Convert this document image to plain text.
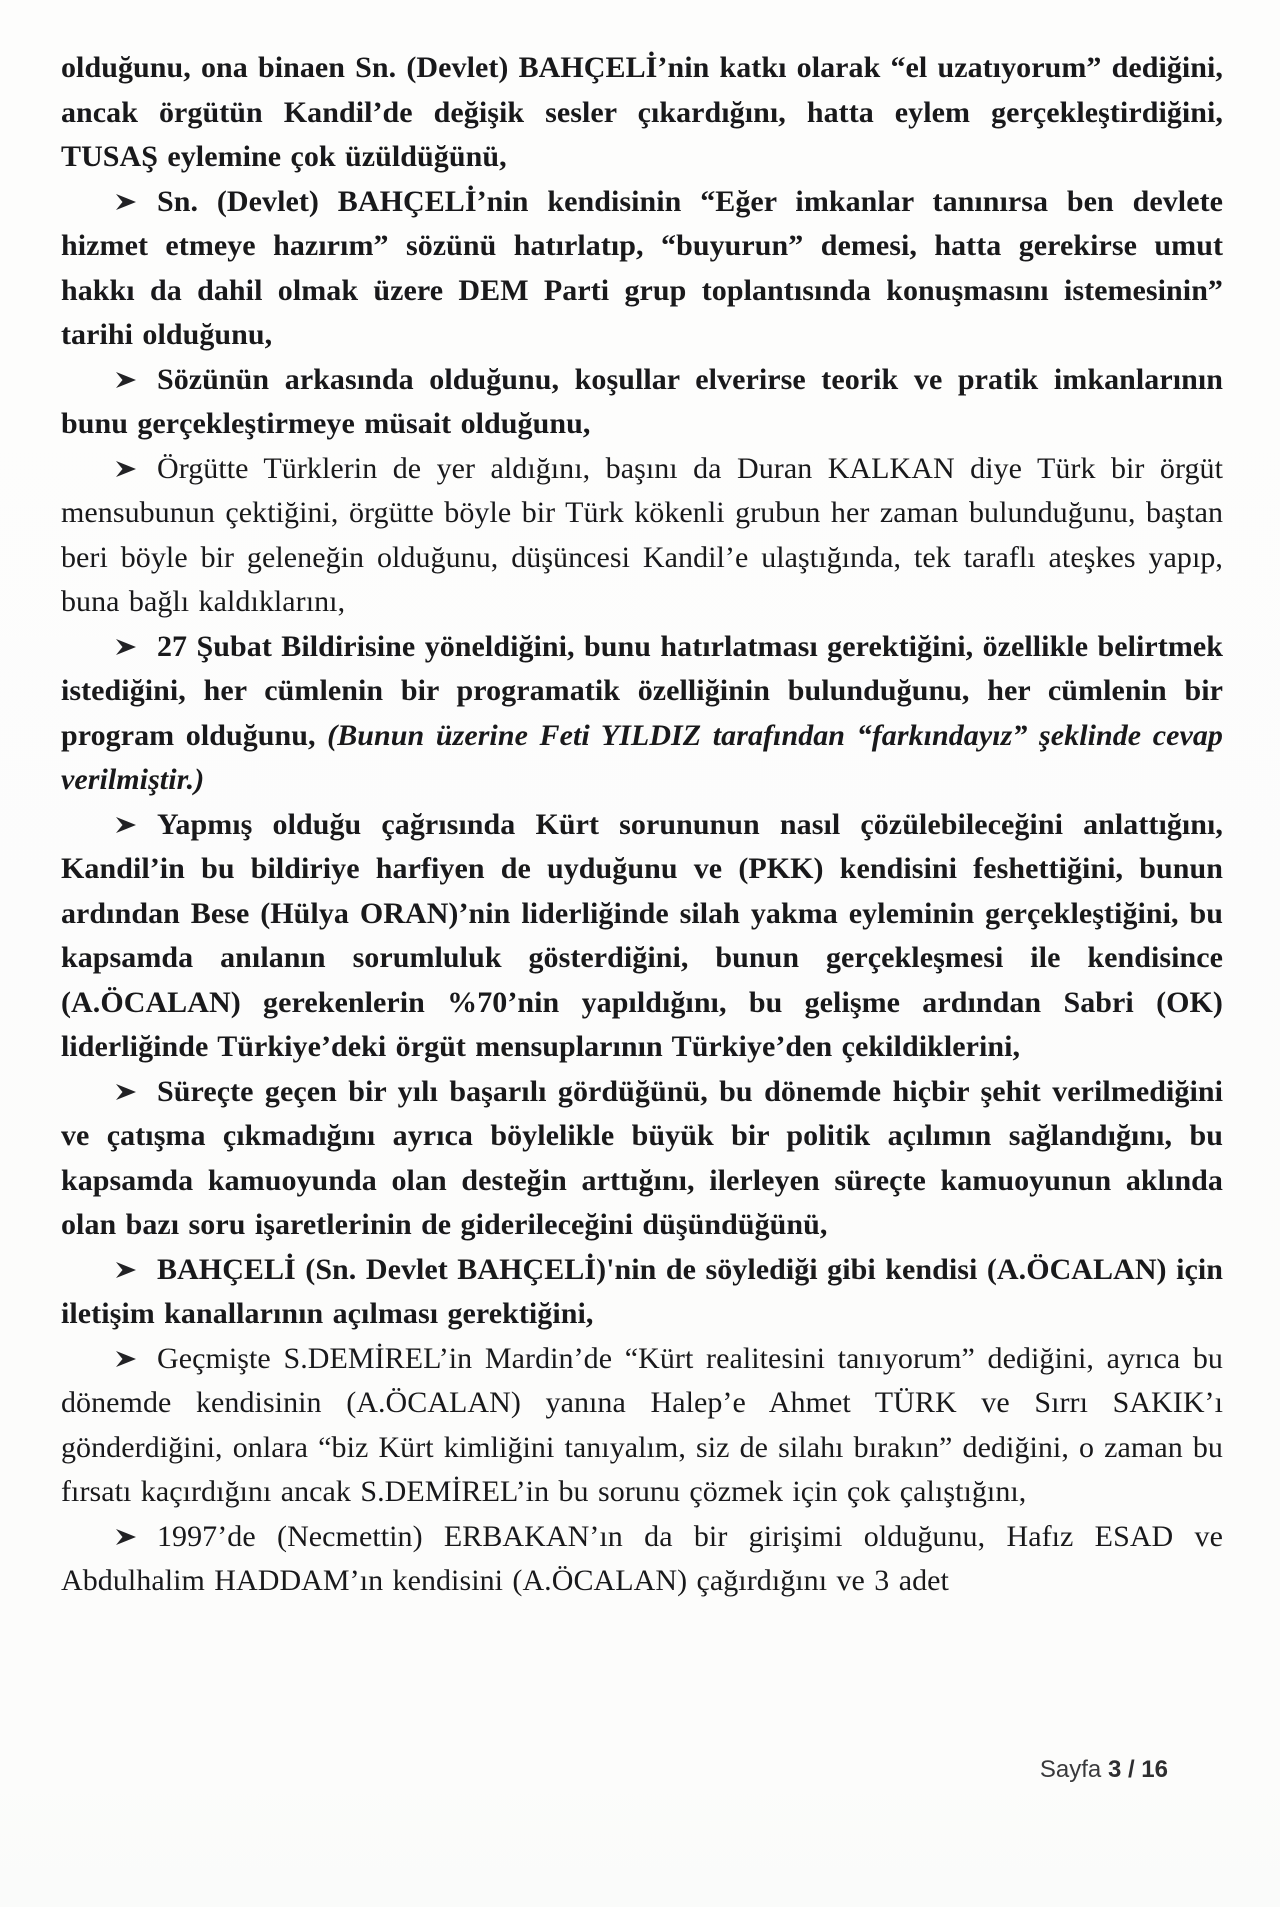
olduğunu, ona binaen Sn. (Devlet) BAHÇELİ’nin katkı olarak “el uzatıyorum” dediğini, ancak örgütün Kandil’de değişik sesler çıkardığını, hatta eylem gerçekleştirdiğini, TUSAŞ eylemine çok üzüldüğünü,

Sn. (Devlet) BAHÇELİ’nin kendisinin “Eğer imkanlar tanınırsa ben devlete hizmet etmeye hazırım” sözünü hatırlatıp, “buyurun” demesi, hatta gerekirse umut hakkı da dahil olmak üzere DEM Parti grup toplantısında konuşmasını istemesinin” tarihi olduğunu,

Sözünün arkasında olduğunu, koşullar elverirse teorik ve pratik imkanlarının bunu gerçekleştirmeye müsait olduğunu,

Örgütte Türklerin de yer aldığını, başını da Duran KALKAN diye Türk bir örgüt mensubunun çektiğini, örgütte böyle bir Türk kökenli grubun her zaman bulunduğunu, baştan beri böyle bir geleneğin olduğunu, düşüncesi Kandil’e ulaştığında, tek taraflı ateşkes yapıp, buna bağlı kaldıklarını,

27 Şubat Bildirisine yöneldiğini, bunu hatırlatması gerektiğini, özellikle belirtmek istediğini, her cümlenin bir programatik özelliğinin bulunduğunu, her cümlenin bir program olduğunu, (Bunun üzerine Feti YILDIZ tarafından “farkındayız” şeklinde cevap verilmiştir.)

Yapmış olduğu çağrısında Kürt sorununun nasıl çözülebileceğini anlattığını, Kandil’in bu bildiriye harfiyen de uyduğunu ve (PKK) kendisini feshettiğini, bunun ardından Bese (Hülya ORAN)’nin liderliğinde silah yakma eyleminin gerçekleştiğini, bu kapsamda anılanın sorumluluk gösterdiğini, bunun gerçekleşmesi ile kendisince (A.ÖCALAN) gerekenlerin %70’nin yapıldığını, bu gelişme ardından Sabri (OK) liderliğinde Türkiye’deki örgüt mensuplarının Türkiye’den çekildiklerini,

Süreçte geçen bir yılı başarılı gördüğünü, bu dönemde hiçbir şehit verilmediğini ve çatışma çıkmadığını ayrıca böylelikle büyük bir politik açılımın sağlandığını, bu kapsamda kamuoyunda olan desteğin arttığını, ilerleyen süreçte kamuoyunun aklında olan bazı soru işaretlerinin de giderileceğini düşündüğünü,

BAHÇELİ (Sn. Devlet BAHÇELİ)'nin de söylediği gibi kendisi (A.ÖCALAN) için iletişim kanallarının açılması gerektiğini,

Geçmişte S.DEMİREL’in Mardin’de “Kürt realitesini tanıyorum” dediğini, ayrıca bu dönemde kendisinin (A.ÖCALAN) yanına Halep’e Ahmet TÜRK ve Sırrı SAKIK’ı gönderdiğini, onlara “biz Kürt kimliğini tanıyalım, siz de silahı bırakın” dediğini, o zaman bu fırsatı kaçırdığını ancak S.DEMİREL’in bu sorunu çözmek için çok çalıştığını,

1997’de (Necmettin) ERBAKAN’ın da bir girişimi olduğunu, Hafız ESAD ve Abdulhalim HADDAM’ın kendisini (A.ÖCALAN) çağırdığını ve 3 adet

Sayfa 3 / 16
